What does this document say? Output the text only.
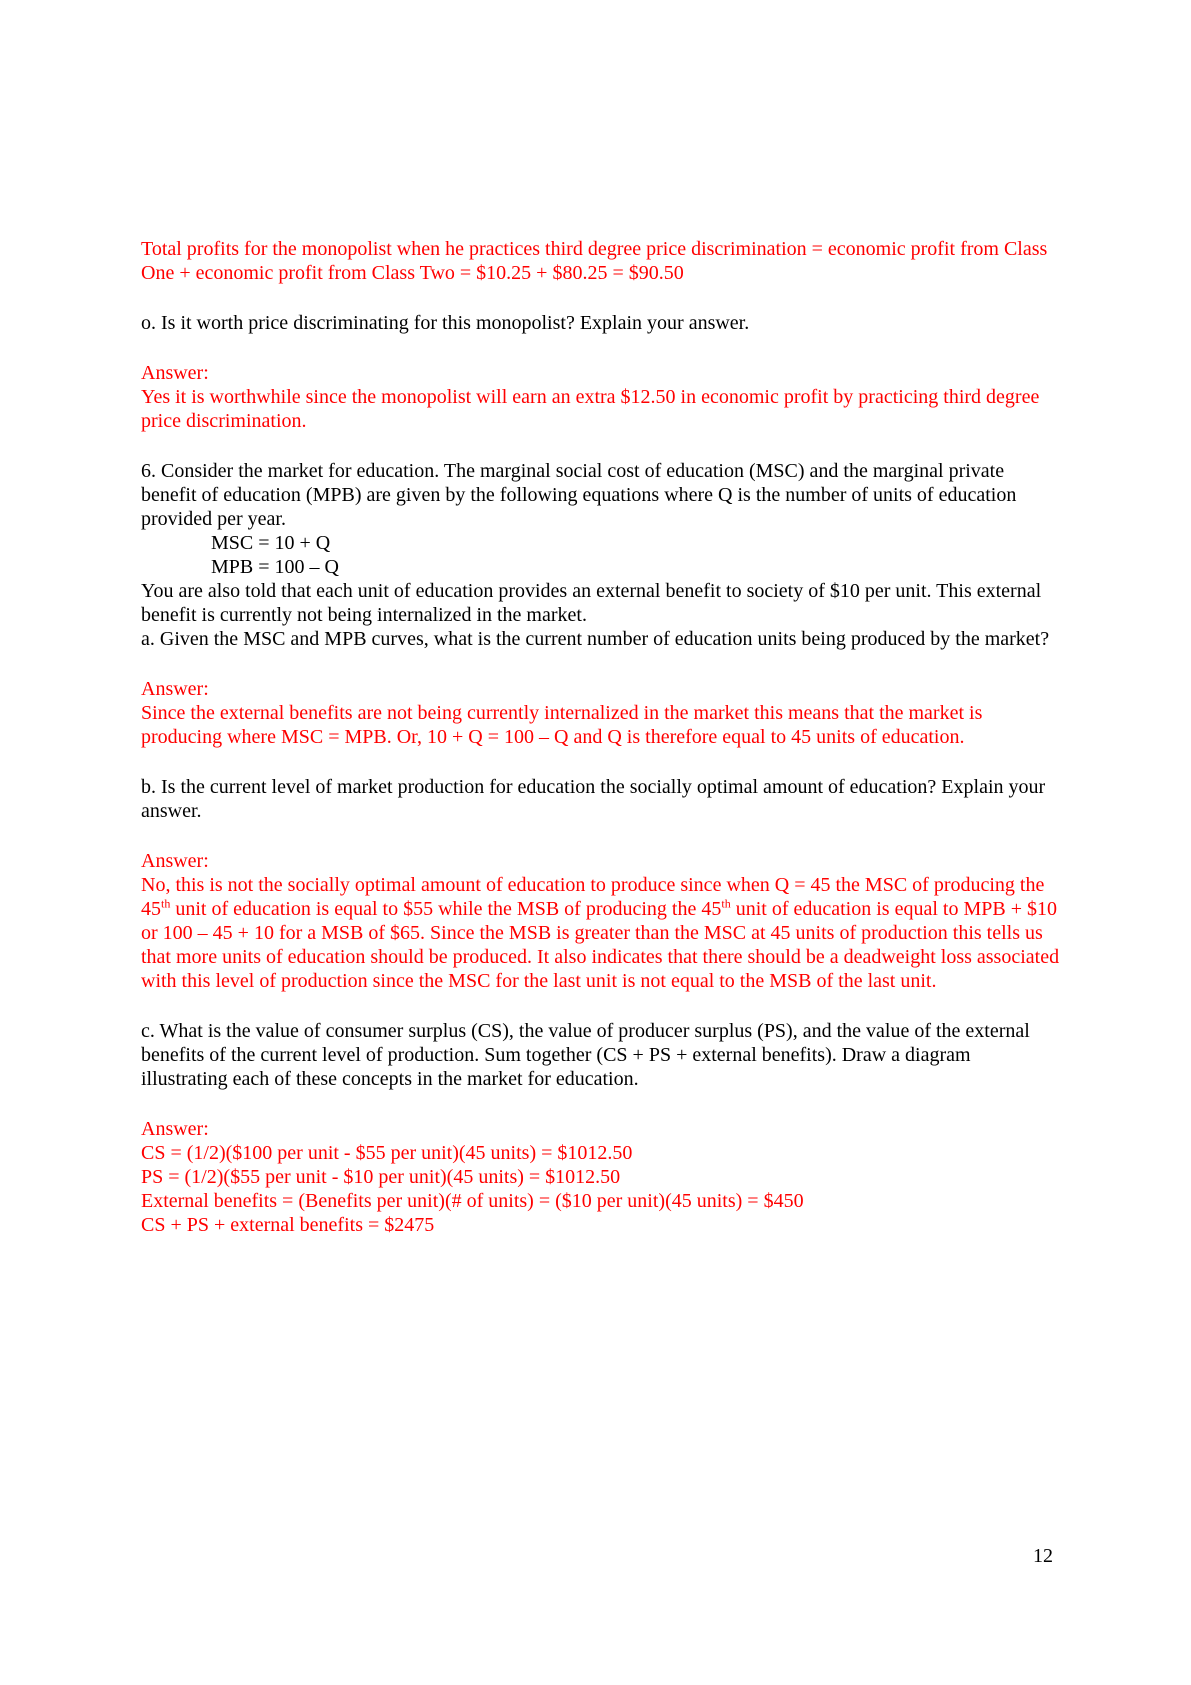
Total profits for the monopolist when he practices third degree price discrimination = economic profit from Class One + economic profit from Class Two = $10.25 + $80.25 = $90.50

o. Is it worth price discriminating for this monopolist? Explain your answer.

Answer:

Yes it is worthwhile since the monopolist will earn an extra $12.50 in economic profit by practicing third degree price discrimination.

6. Consider the market for education. The marginal social cost of education (MSC) and the marginal private benefit of education (MPB) are given by the following equations where Q is the number of units of education provided per year.

MSC = 10 + Q

MPB = 100 – Q

You are also told that each unit of education provides an external benefit to society of $10 per unit. This external benefit is currently not being internalized in the market.

a. Given the MSC and MPB curves, what is the current number of education units being produced by the market?

Answer:

Since the external benefits are not being currently internalized in the market this means that the market is producing where MSC = MPB. Or, 10 + Q = 100 – Q and Q is therefore equal to 45 units of education.

b. Is the current level of market production for education the socially optimal amount of education? Explain your answer.

Answer:

No, this is not the socially optimal amount of education to produce since when Q = 45 the MSC of producing the 45th unit of education is equal to $55 while the MSB of producing the 45th unit of education is equal to MPB + $10 or 100 – 45 + 10 for a MSB of $65. Since the MSB is greater than the MSC at 45 units of production this tells us that more units of education should be produced. It also indicates that there should be a deadweight loss associated with this level of production since the MSC for the last unit is not equal to the MSB of the last unit.

c. What is the value of consumer surplus (CS), the value of producer surplus (PS), and the value of the external benefits of the current level of production. Sum together (CS + PS + external benefits). Draw a diagram illustrating each of these concepts in the market for education.

Answer:

CS = (1/2)($100 per unit - $55 per unit)(45 units) = $1012.50

PS = (1/2)($55 per unit - $10 per unit)(45 units) = $1012.50

External benefits = (Benefits per unit)(# of units) = ($10 per unit)(45 units) = $450

CS + PS + external benefits = $2475

12
